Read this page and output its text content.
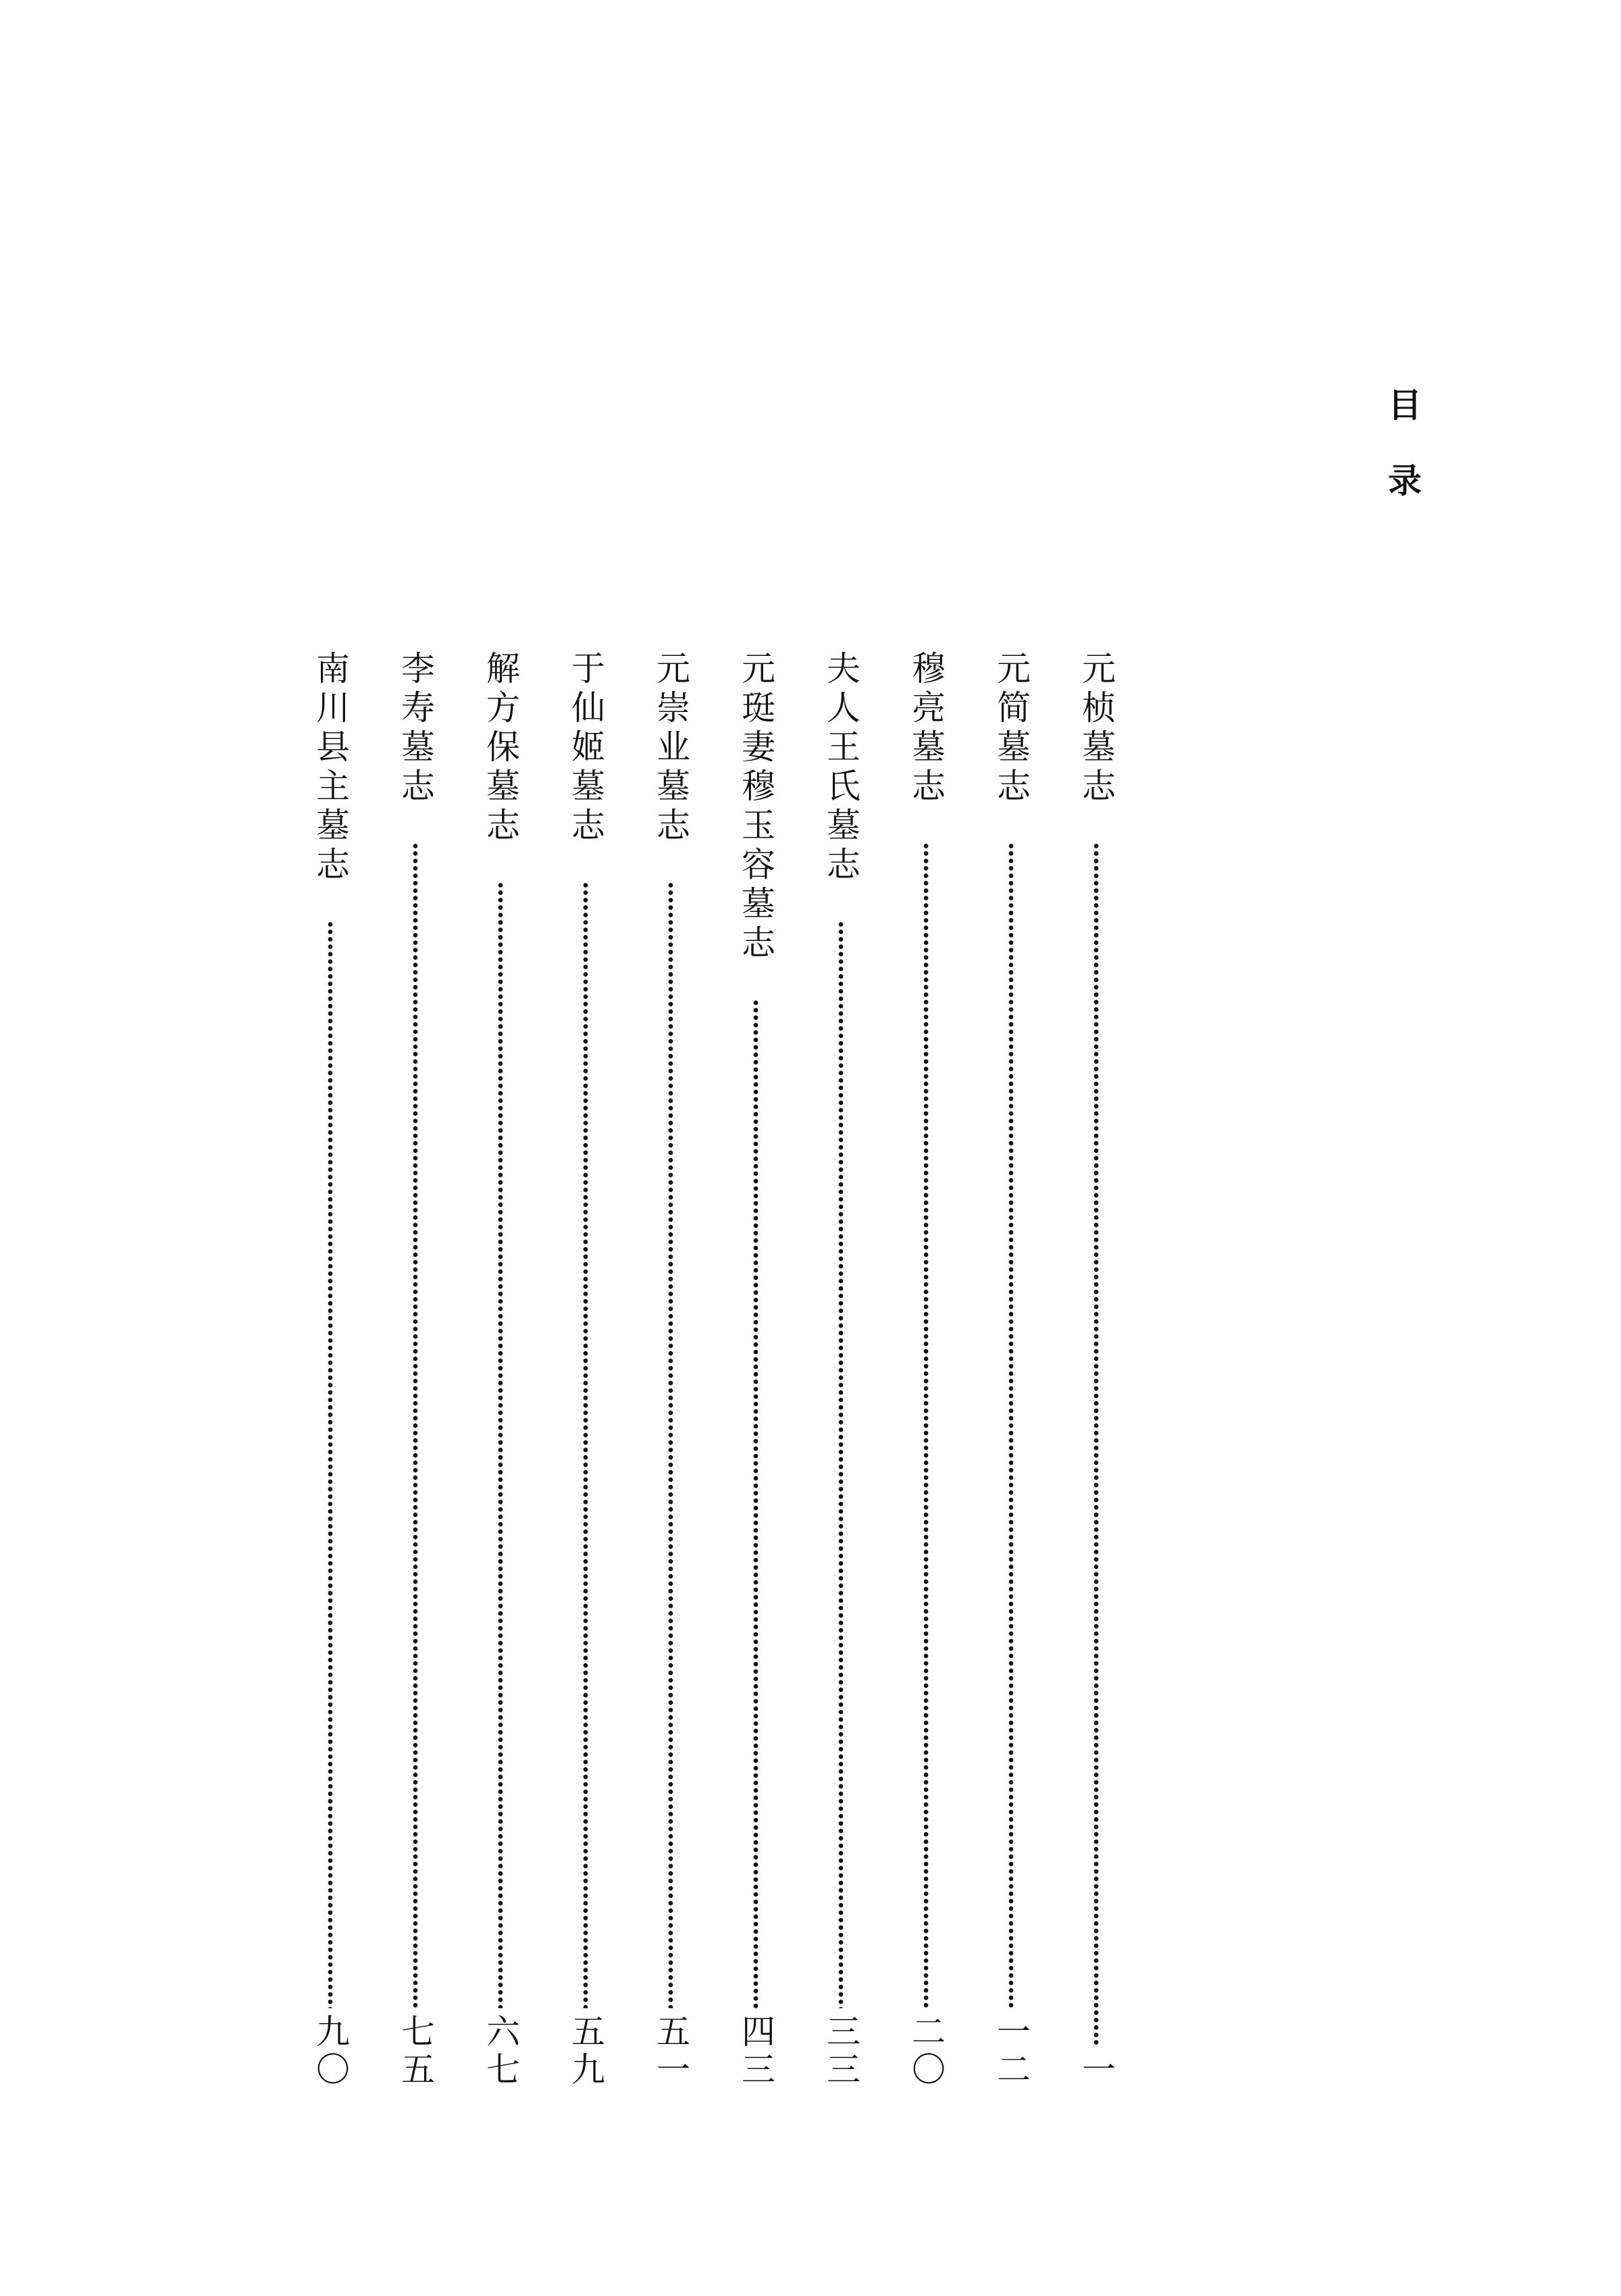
目
录
元桢墓志
一
元简墓志
一二
穆亮墓志
二〇
夫人王氏墓志
三三
元珽妻穆玉容墓志
四三
元崇业墓志
五一
于仙姬墓志
五九
解方保墓志
六七
李寿墓志
七五
南川县主墓志
九〇
